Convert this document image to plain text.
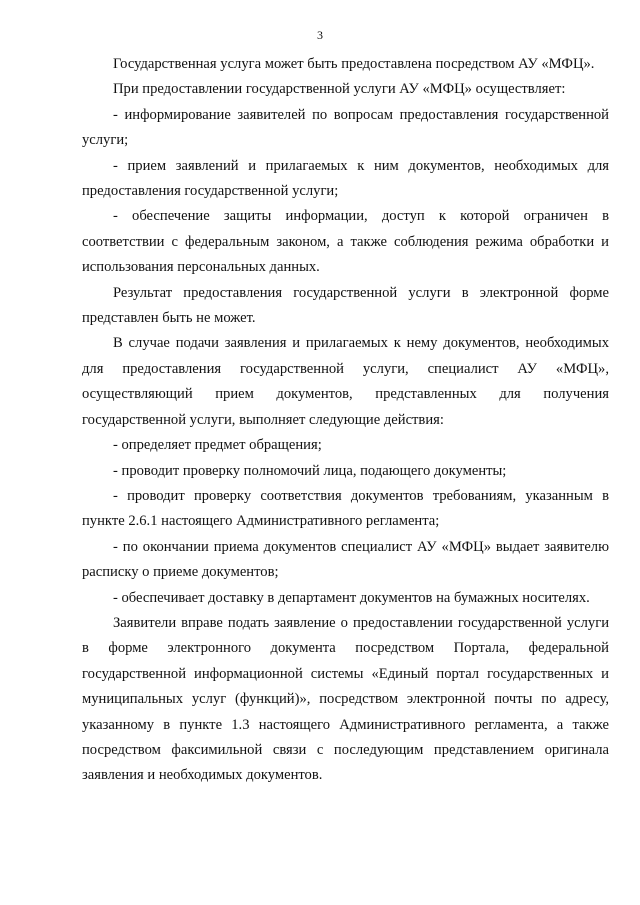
3

Государственная услуга может быть предоставлена посредством АУ «МФЦ».

При предоставлении государственной услуги АУ «МФЦ» осуществляет:

- информирование заявителей по вопросам предоставления государственной услуги;

- прием заявлений и прилагаемых к ним документов, необходимых для предоставления государственной услуги;

- обеспечение защиты информации, доступ к которой ограничен в соответствии с федеральным законом, а также соблюдения режима обработки и использования персональных данных.

Результат предоставления государственной услуги в электронной форме представлен быть не может.

В случае подачи заявления и прилагаемых к нему документов, необходимых для предоставления государственной услуги, специалист АУ «МФЦ», осуществляющий прием документов, представленных для получения государственной услуги, выполняет следующие действия:

- определяет предмет обращения;

- проводит проверку полномочий лица, подающего документы;

- проводит проверку соответствия документов требованиям, указанным в пункте 2.6.1 настоящего Административного регламента;

- по окончании приема документов специалист АУ «МФЦ» выдает заявителю расписку о приеме документов;

- обеспечивает доставку в департамент документов на бумажных носителях.

Заявители вправе подать заявление о предоставлении государственной услуги в форме электронного документа посредством Портала, федеральной государственной информационной системы «Единый портал государственных и муниципальных услуг (функций)», посредством электронной почты по адресу, указанному в пункте 1.3 настоящего Административного регламента, а также посредством факсимильной связи с последующим представлением оригинала заявления и необходимых документов.
